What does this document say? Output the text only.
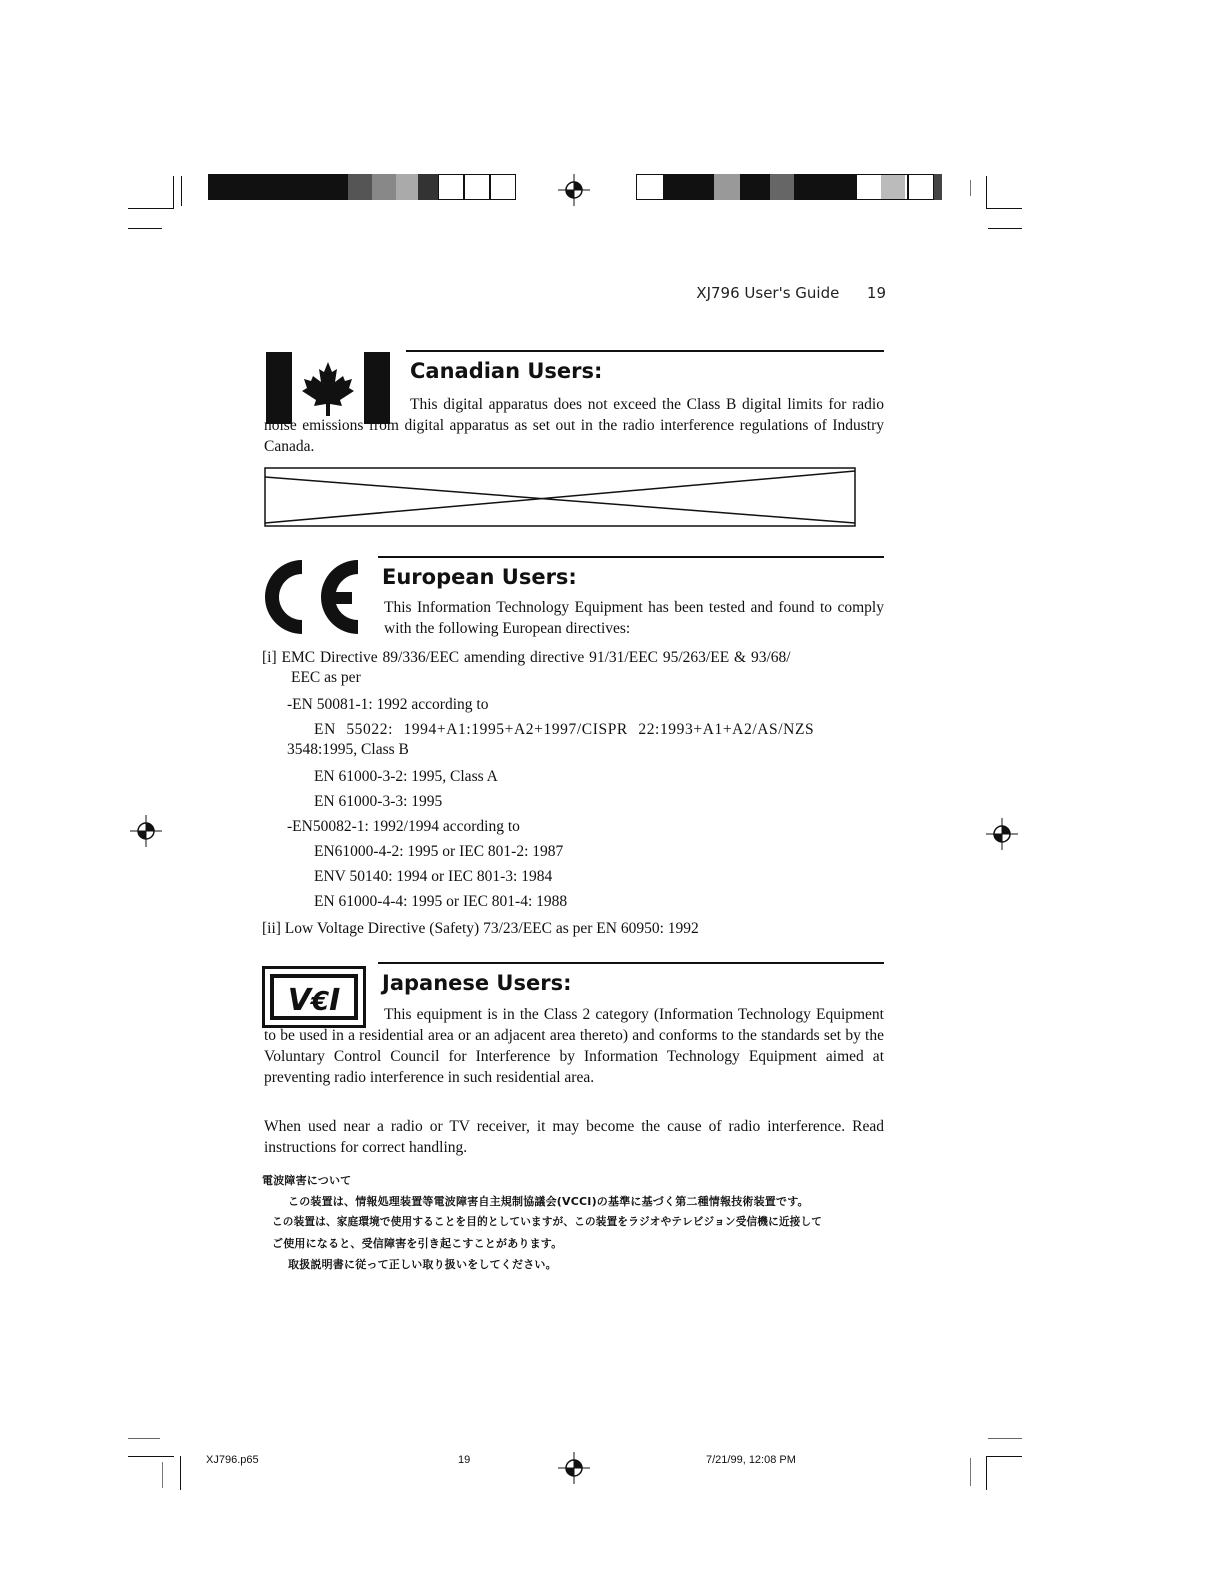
XJ796 User's Guide 19
Canadian Users:
This digital apparatus does not exceed the Class B digital limits for radio noise emissions from digital apparatus as set out in the radio interference regulations of Industry Canada.
European Users:
This Information Technology Equipment has been tested and found to comply with the following European directives:
[i] EMC Directive 89/336/EEC amending directive 91/31/EEC 95/263/EE & 93/68/
EEC as per
-EN 50081-1: 1992 according to
EN 55022: 1994+A1:1995+A2+1997/CISPR 22:1993+A1+A2/AS/NZS
3548:1995, Class B
EN 61000-3-2: 1995, Class A
EN 61000-3-3: 1995
-EN50082-1: 1992/1994 according to
EN61000-4-2: 1995 or IEC 801-2: 1987
ENV 50140: 1994 or IEC 801-3: 1984
EN 61000-4-4: 1995 or IEC 801-4: 1988
[ii] Low Voltage Directive (Safety) 73/23/EEC as per EN 60950: 1992
V€I Japanese Users:
This equipment is in the Class 2 category (Information Technology Equipment to be used in a residential area or an adjacent area thereto) and conforms to the standards set by the Voluntary Control Council for Interference by Information Technology Equipment aimed at preventing radio interference in such residential area.
When used near a radio or TV receiver, it may become the cause of radio interference. Read instructions for correct handling.
電波障害について
この装置は、情報処理装置等電波障害自主規制協議会(VCCI)の基準に基づく第二種情報技術装置です。
この装置は、家庭環境で使用することを目的としていますが、この装置をラジオやテレビジョン受信機に近接して
ご使用になると、受信障害を引き起こすことがあります。
取扱説明書に従って正しい取り扱いをしてください。
XJ796.p65	19	7/21/99, 12:08 PM
